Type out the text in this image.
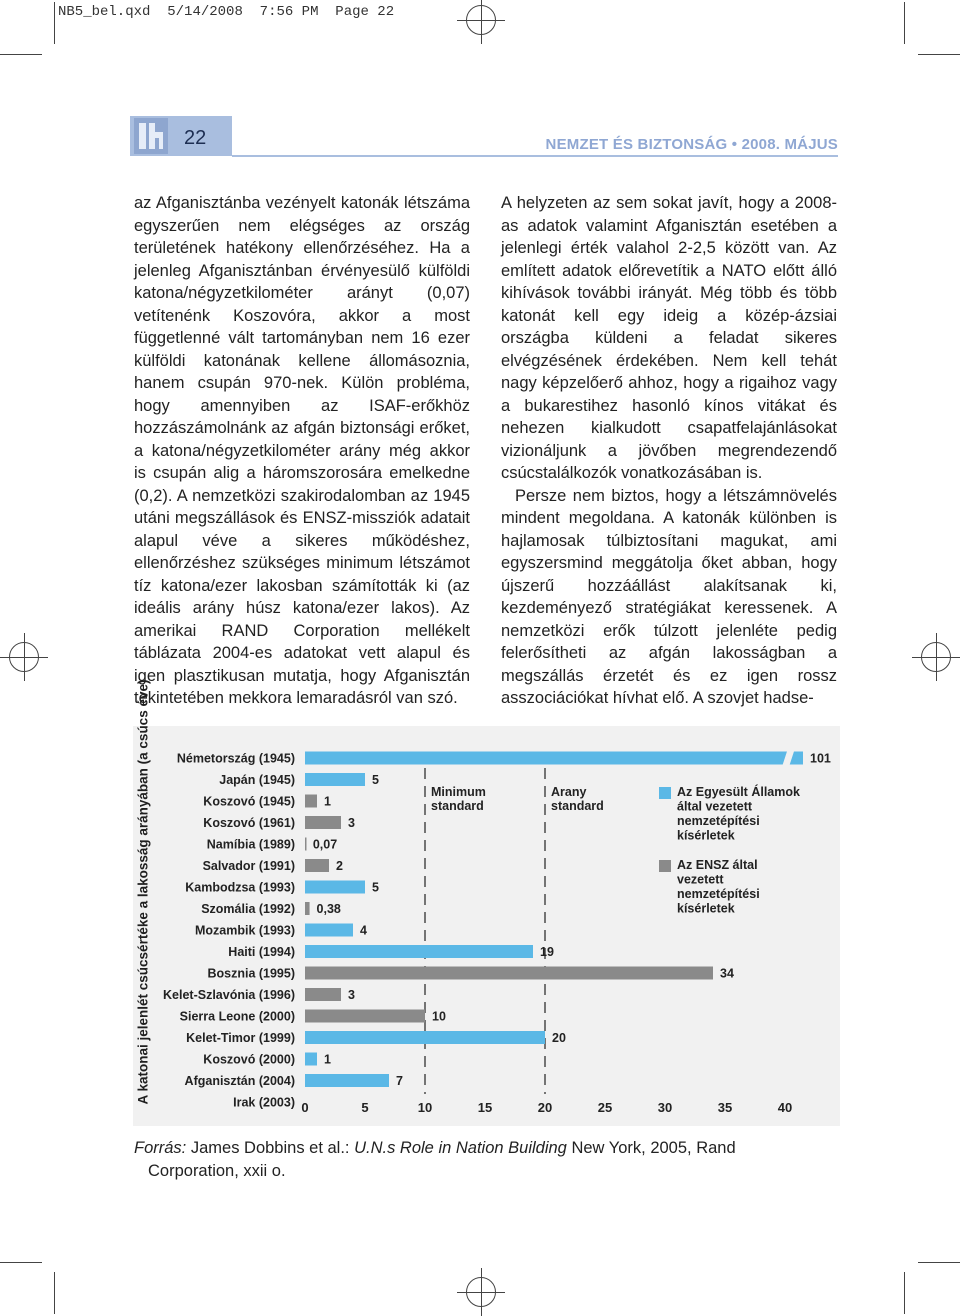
NB5_bel.qxd 5/14/2008 7:56 PM Page 22
22	NEMZET ÉS BIZTONSÁG • 2008. MÁJUS

az Afganisztánba vezényelt katonák létszáma egyszerűen nem elégséges az ország területének hatékony ellenőrzéséhez. Ha a jelenleg Afganisztánban érvényesülő külföldi katona/négyzetkilométer arányt (0,07) vetítenénk Koszovóra, akkor a most függetlenné vált tartományban nem 16 ezer külföldi katonának kellene állomásoznia, hanem csupán 970-nek. Külön probléma, hogy amennyiben az ISAF-erőkhöz hozzászámolnánk az afgán biztonsági erőket, a katona/négyzetkilométer arány még akkor is csupán alig a háromszorosára emelkedne (0,2). A nemzetközi szakirodalomban az 1945 utáni megszállások és ENSZ-missziók adatait alapul véve a sikeres működéshez, ellenőrzéshez szükséges minimum létszámot tíz katona/ezer lakosban számították ki (az ideális arány húsz katona/ezer lakos). Az amerikai RAND Corporation mellékelt táblázata 2004-es adatokat vett alapul és igen plasztikusan mutatja, hogy Afganisztán tekintetében mekkora lemaradásról van szó.

A helyzeten az sem sokat javít, hogy a 2008-as adatok valamint Afganisztán esetében a jelenlegi érték valahol 2-2,5 között van. Az említett adatok előrevetítik a NATO előtt álló kihívások további irányát. Még több és több katonát kell egy ideig a közép-ázsiai országba küldeni a feladat sikeres elvégzésének érdekében. Nem kell tehát nagy képzelőerő ahhoz, hogy a rigaihoz vagy a bukarestihez hasonló kínos vitákat és nehezen kialkudott csapatfelajánlásokat vizionáljunk a jövőben megrendezendő csúcstalálkozók vonatkozásában is.

Persze nem biztos, hogy a létszámnövelés mindent megoldana. A katonák különben is hajlamosak túlbiztosítani magukat, ami egyszersmind meggátolja őket abban, hogy újszerű hozzáállást alakítsanak ki, kezdeményező stratégiákat keressenek. A nemzetközi erők túlzott jelenléte pedig felerősítheti az afgán lakosságban a megszállás érzetét és ez igen rossz asszociációkat hívhat elő. A szovjet hadse-

A katonai jelenlét csúcsértéke a lakosság arányában (a csúcs éve)	Minimum
standard
Arany
standard
Németország (1945)	101
Japán (1945)	5
Koszovó (1945) 1
Koszovó (1961)	3
Namíbia (1989) 0,07
Salvador (1991)	2
Kambodzsa (1993)	5
Szomália (1992) 0,38
Mozambik (1993)	4
Haiti (1994)	19
Bosznia (1995)	34
Kelet-Szlavónia (1996)	3
Sierra Leone (2000)	10
Kelet-Timor (1999)	20
Koszovó (2000) 1
Afganisztán (2004)	7
Irak (2003) 0	5	10	15	20	25	30	35	40
Az Egyesült Államok
által vezetett
nemzetépítési
kísérletek
Az ENSZ által
vezetett
nemzetépítési
kísérletek
Forrás: James Dobbins et al.: U.N.s Role in Nation Building New York, 2005, Rand
Corporation, xxii o.
